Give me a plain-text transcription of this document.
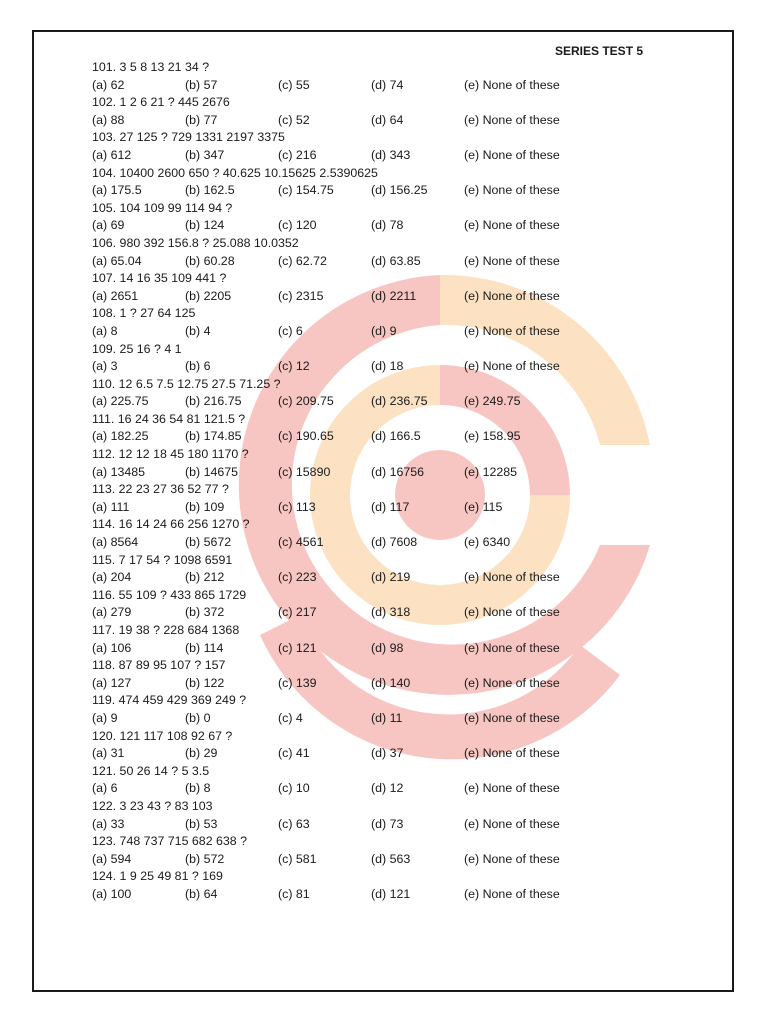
SERIES TEST 5
101. 3 5 8 13 21 34 ?
(a) 62	(b) 57	(c) 55	(d) 74	(e) None of these
102. 1 2 6 21 ? 445 2676
(a) 88	(b) 77	(c) 52	(d) 64	(e) None of these
103. 27 125 ? 729 1331 2197 3375
(a) 612	(b) 347	(c) 216	(d) 343	(e) None of these
104. 10400 2600 650 ? 40.625 10.15625 2.5390625
(a) 175.5	(b) 162.5	(c) 154.75	(d) 156.25	(e) None of these
105. 104 109 99 114 94 ?
(a) 69	(b) 124	(c) 120	(d) 78	(e) None of these
106. 980 392 156.8 ? 25.088 10.0352
(a) 65.04	(b) 60.28	(c) 62.72	(d) 63.85	(e) None of these
107. 14 16 35 109 441 ?
(a) 2651	(b) 2205	(c) 2315	(d) 2211	(e) None of these
108. 1 ? 27 64 125
(a) 8	(b) 4	(c) 6	(d) 9	(e) None of these
109. 25 16 ? 4 1
(a) 3	(b) 6	(c) 12	(d) 18	(e) None of these
110. 12 6.5 7.5 12.75 27.5 71.25 ?
(a) 225.75	(b) 216.75	(c) 209.75	(d) 236.75	(e) 249.75
111. 16 24 36 54 81 121.5 ?
(a) 182.25	(b) 174.85	(c) 190.65	(d) 166.5	(e) 158.95
112. 12 12 18 45 180 1170 ?
(a) 13485	(b) 14675	(c) 15890	(d) 16756	(e) 12285
113. 22 23 27 36 52 77 ?
(a) 111	(b) 109	(c) 113	(d) 117	(e) 115
114. 16 14 24 66 256 1270 ?
(a) 8564	(b) 5672	(c) 4561	(d) 7608	(e) 6340
115. 7 17 54 ? 1098 6591
(a) 204	(b) 212	(c) 223	(d) 219	(e) None of these
116. 55 109 ? 433 865 1729
(a) 279	(b) 372	(c) 217	(d) 318	(e) None of these
117. 19 38 ? 228 684 1368
(a) 106	(b) 114	(c) 121	(d) 98	(e) None of these
118. 87 89 95 107 ? 157
(a) 127	(b) 122	(c) 139	(d) 140	(e) None of these
119. 474 459 429 369 249 ?
(a) 9	(b) 0	(c) 4	(d) 11	(e) None of these
120. 121 117 108 92 67 ?
(a) 31	(b) 29	(c) 41	(d) 37	(e) None of these
121. 50 26 14 ? 5 3.5
(a) 6	(b) 8	(c) 10	(d) 12	(e) None of these
122. 3 23 43 ? 83 103
(a) 33	(b) 53	(c) 63	(d) 73	(e) None of these
123. 748 737 715 682 638 ?
(a) 594	(b) 572	(c) 581	(d) 563	(e) None of these
124. 1 9 25 49 81 ? 169
(a) 100	(b) 64	(c) 81	(d) 121	(e) None of these
